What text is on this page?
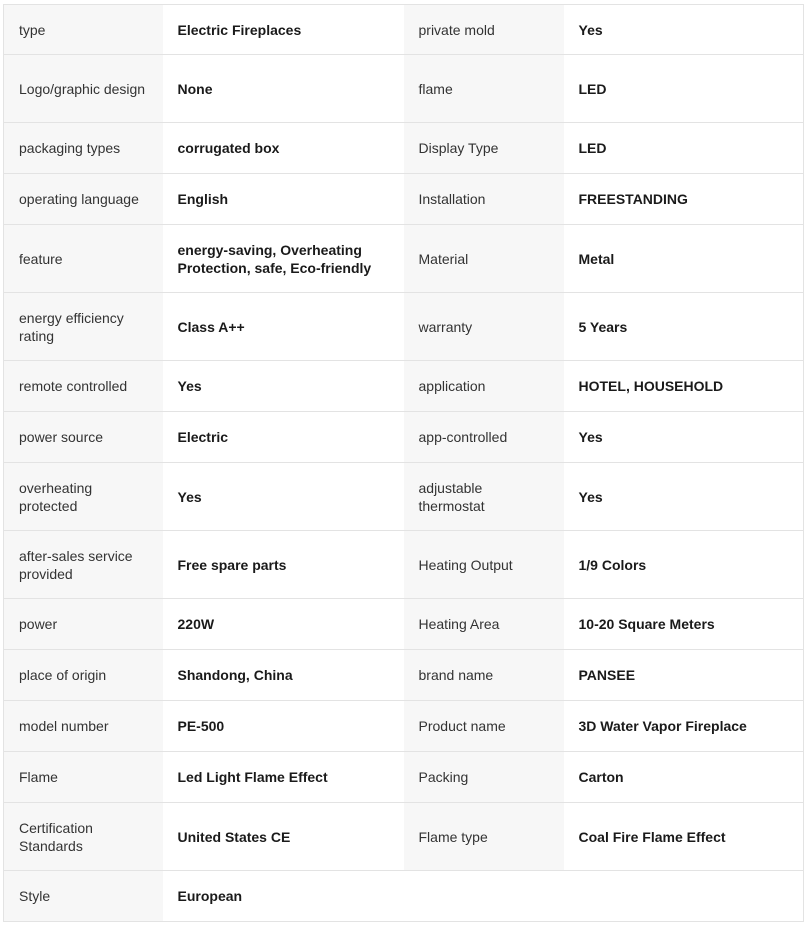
type	Electric Fireplaces	private mold	Yes
Logo/graphic design	None	flame	LED
packaging types	corrugated box	Display Type	LED
operating language	English	Installation	FREESTANDING
feature	energy-saving, Overheating Protection, safe, Eco-friendly	Material	Metal
energy efficiency rating	Class A++	warranty	5 Years
remote controlled	Yes	application	HOTEL, HOUSEHOLD
power source	Electric	app-controlled	Yes
overheating protected	Yes	adjustable thermostat	Yes
after-sales service provided	Free spare parts	Heating Output	1/9 Colors
power	220W	Heating Area	10-20 Square Meters
place of origin	Shandong, China	brand name	PANSEE
model number	PE-500	Product name	3D Water Vapor Fireplace
Flame	Led Light Flame Effect	Packing	Carton
Certification Standards	United States CE	Flame type	Coal Fire Flame Effect
Style	European		
